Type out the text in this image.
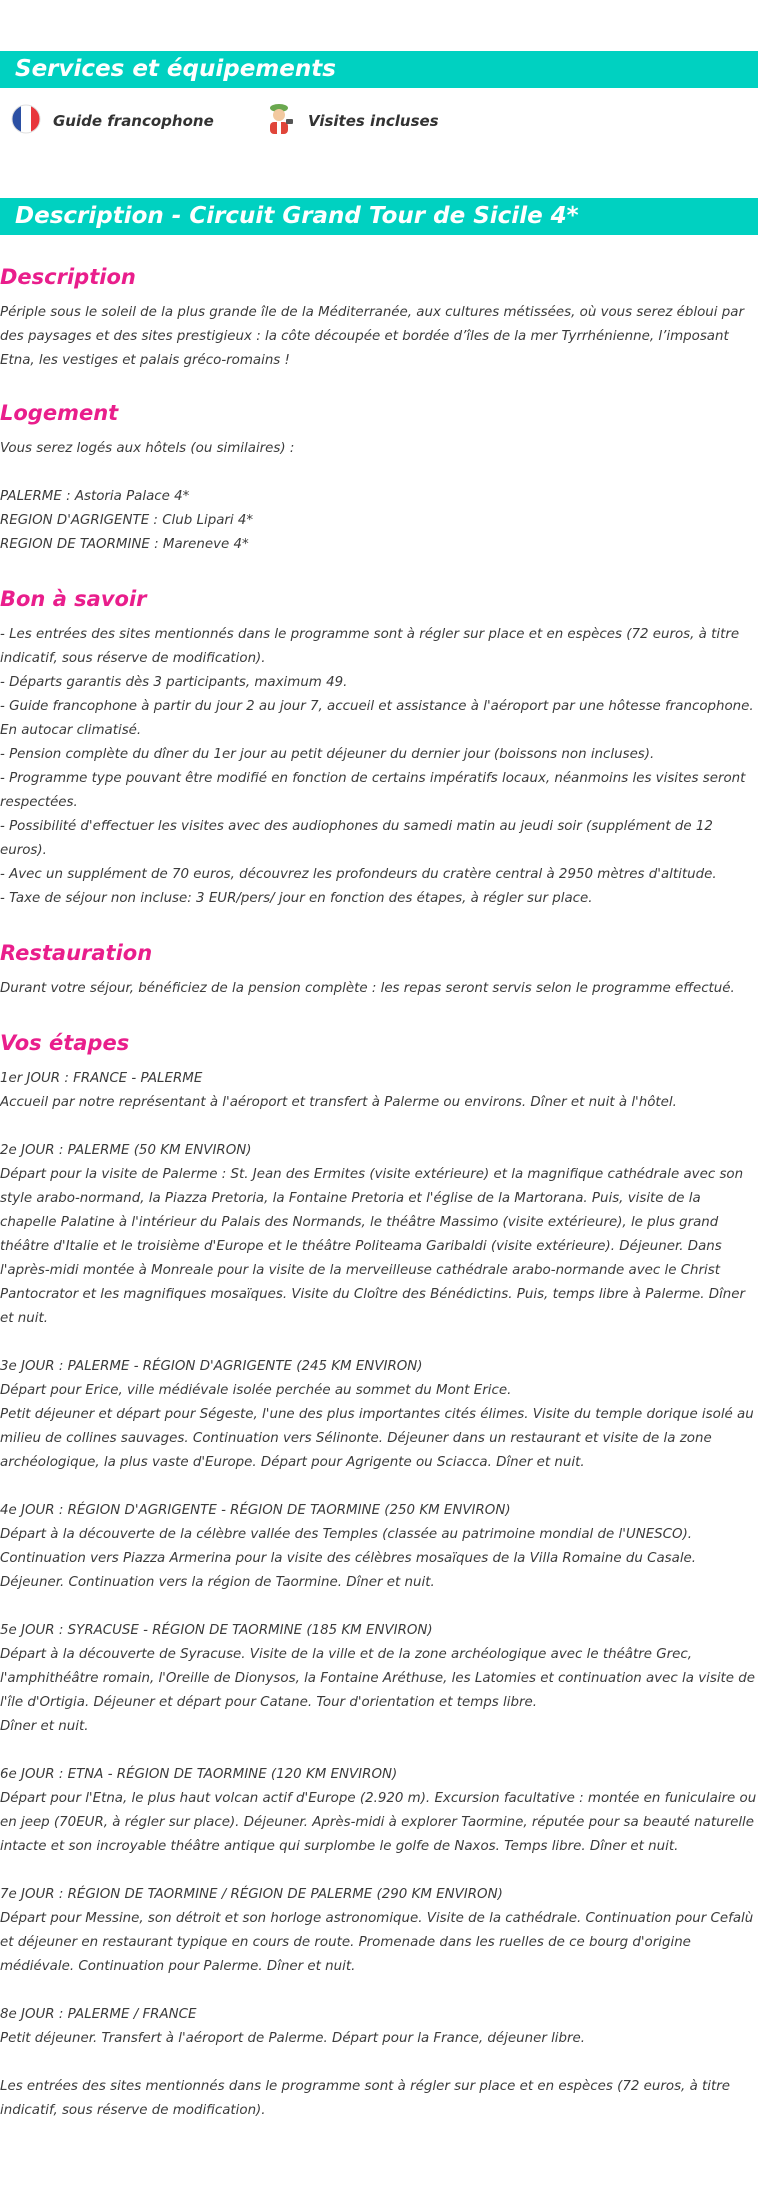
Services et équipements
Guide francophone	Visites incluses
Description - Circuit Grand Tour de Sicile 4*
Description

Périple sous le soleil de la plus grande île de la Méditerranée, aux cultures métissées, où vous serez ébloui par des paysages et des sites prestigieux : la côte découpée et bordée d’îles de la mer Tyrrhénienne, l’imposant Etna, les vestiges et palais gréco-romains !

Logement

Vous serez logés aux hôtels (ou similaires) :

PALERME : Astoria Palace 4*
REGION D'AGRIGENTE : Club Lipari 4*
REGION DE TAORMINE : Mareneve 4*

Bon à savoir

- Les entrées des sites mentionnés dans le programme sont à régler sur place et en espèces (72 euros, à titre indicatif, sous réserve de modification).
- Départs garantis dès 3 participants, maximum 49.
- Guide francophone à partir du jour 2 au jour 7, accueil et assistance à l'aéroport par une hôtesse francophone. En autocar climatisé.
- Pension complète du dîner du 1er jour au petit déjeuner du dernier jour (boissons non incluses).
- Programme type pouvant être modifié en fonction de certains impératifs locaux, néanmoins les visites seront respectées.
- Possibilité d'effectuer les visites avec des audiophones du samedi matin au jeudi soir (supplément de 12 euros).
- Avec un supplément de 70 euros, découvrez les profondeurs du cratère central à 2950 mètres d'altitude.
- Taxe de séjour non incluse: 3 EUR/pers/ jour en fonction des étapes, à régler sur place.

Restauration

Durant votre séjour, bénéficiez de la pension complète : les repas seront servis selon le programme effectué.

Vos étapes
1er JOUR : FRANCE - PALERME
Accueil par notre représentant à l'aéroport et transfert à Palerme ou environs. Dîner et nuit à l'hôtel.
2e JOUR : PALERME (50 KM ENVIRON)
Départ pour la visite de Palerme : St. Jean des Ermites (visite extérieure) et la magnifique cathédrale avec son style arabo-normand, la Piazza Pretoria, la Fontaine Pretoria et l'église de la Martorana. Puis, visite de la chapelle Palatine à l'intérieur du Palais des Normands, le théâtre Massimo (visite extérieure), le plus grand théâtre d'Italie et le troisième d'Europe et le théâtre Politeama Garibaldi (visite extérieure). Déjeuner. Dans l'après-midi montée à Monreale pour la visite de la merveilleuse cathédrale arabo-normande avec le Christ Pantocrator et les magnifiques mosaïques. Visite du Cloître des Bénédictins. Puis, temps libre à Palerme. Dîner et nuit.
3e JOUR : PALERME - RÉGION D'AGRIGENTE (245 KM ENVIRON)
Départ pour Erice, ville médiévale isolée perchée au sommet du Mont Erice.
Petit déjeuner et départ pour Ségeste, l'une des plus importantes cités élimes. Visite du temple dorique isolé au milieu de collines sauvages. Continuation vers Sélinonte. Déjeuner dans un restaurant et visite de la zone archéologique, la plus vaste d'Europe. Départ pour Agrigente ou Sciacca. Dîner et nuit.
4e JOUR : RÉGION D'AGRIGENTE - RÉGION DE TAORMINE (250 KM ENVIRON)
Départ à la découverte de la célèbre vallée des Temples (classée au patrimoine mondial de l'UNESCO). Continuation vers Piazza Armerina pour la visite des célèbres mosaïques de la Villa Romaine du Casale. Déjeuner. Continuation vers la région de Taormine. Dîner et nuit.
5e JOUR : SYRACUSE - RÉGION DE TAORMINE (185 KM ENVIRON)
Départ à la découverte de Syracuse. Visite de la ville et de la zone archéologique avec le théâtre Grec, l'amphithéâtre romain, l'Oreille de Dionysos, la Fontaine Aréthuse, les Latomies et continuation avec la visite de l'île d'Ortigia. Déjeuner et départ pour Catane. Tour d'orientation et temps libre.
Dîner et nuit.
6e JOUR : ETNA - RÉGION DE TAORMINE (120 KM ENVIRON)
Départ pour l'Etna, le plus haut volcan actif d'Europe (2.920 m). Excursion facultative : montée en funiculaire ou en jeep (70EUR, à régler sur place). Déjeuner. Après-midi à explorer Taormine, réputée pour sa beauté naturelle intacte et son incroyable théâtre antique qui surplombe le golfe de Naxos. Temps libre. Dîner et nuit.
7e JOUR : RÉGION DE TAORMINE / RÉGION DE PALERME (290 KM ENVIRON)
Départ pour Messine, son détroit et son horloge astronomique. Visite de la cathédrale. Continuation pour Cefalù et déjeuner en restaurant typique en cours de route. Promenade dans les ruelles de ce bourg d'origine médiévale. Continuation pour Palerme. Dîner et nuit.
8e JOUR : PALERME / FRANCE
Petit déjeuner. Transfert à l'aéroport de Palerme. Départ pour la France, déjeuner libre.
Les entrées des sites mentionnés dans le programme sont à régler sur place et en espèces (72 euros, à titre indicatif, sous réserve de modification).
